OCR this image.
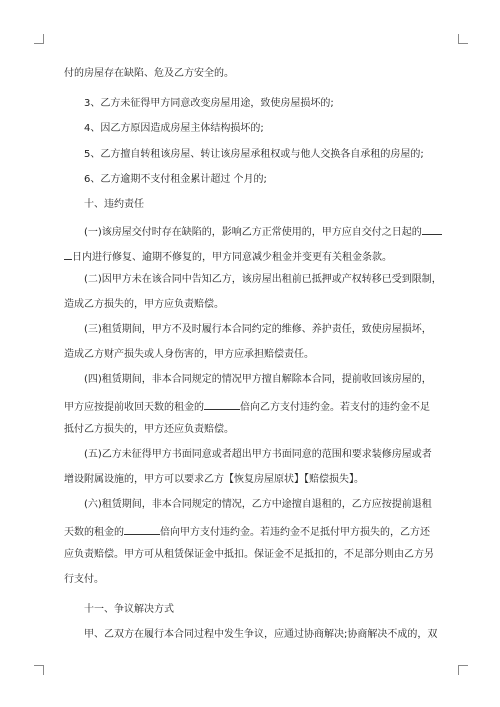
付的房屋存在缺陷、危及乙方安全的。
3、乙方未征得甲方同意改变房屋用途，致使房屋损坏的;
4、因乙方原因造成房屋主体结构损坏的;
5、乙方擅自转租该房屋、转让该房屋承租权或与他人交换各自承租的房屋的;
6、乙方逾期不支付租金累计超过 个月的;
十、违约责任
(一)该房屋交付时存在缺陷的，影响乙方正常使用的，甲方应自交付之日起的
日内进行修复、逾期不修复的，甲方同意减少租金并变更有关租金条款。
(二)因甲方未在该合同中告知乙方，该房屋出租前已抵押或产权转移已受到限制，
造成乙方损失的，甲方应负责赔偿。
(三)租赁期间，甲方不及时履行本合同约定的维修、养护责任，致使房屋损坏，
造成乙方财产损失或人身伤害的，甲方应承担赔偿责任。
(四)租赁期间，非本合同规定的情况甲方擅自解除本合同，提前收回该房屋的，
甲方应按提前收回天数的租金的	倍向乙方支付违约金。若支付的违约金不足
抵付乙方损失的，甲方还应负责赔偿。
(五)乙方未征得甲方书面同意或者超出甲方书面同意的范围和要求装修房屋或者
增设附属设施的，甲方可以要求乙方【恢复房屋原状】【赔偿损失】。
(六)租赁期间，非本合同规定的情况，乙方中途擅自退租的，乙方应按提前退租
天数的租金的	倍向甲方支付违约金。若违约金不足抵付甲方损失的，乙方还
应负责赔偿。甲方可从租赁保证金中抵扣。保证金不足抵扣的，不足部分则由乙方另
行支付。
十一、争议解决方式
甲、乙双方在履行本合同过程中发生争议，应通过协商解决;协商解决不成的，双
